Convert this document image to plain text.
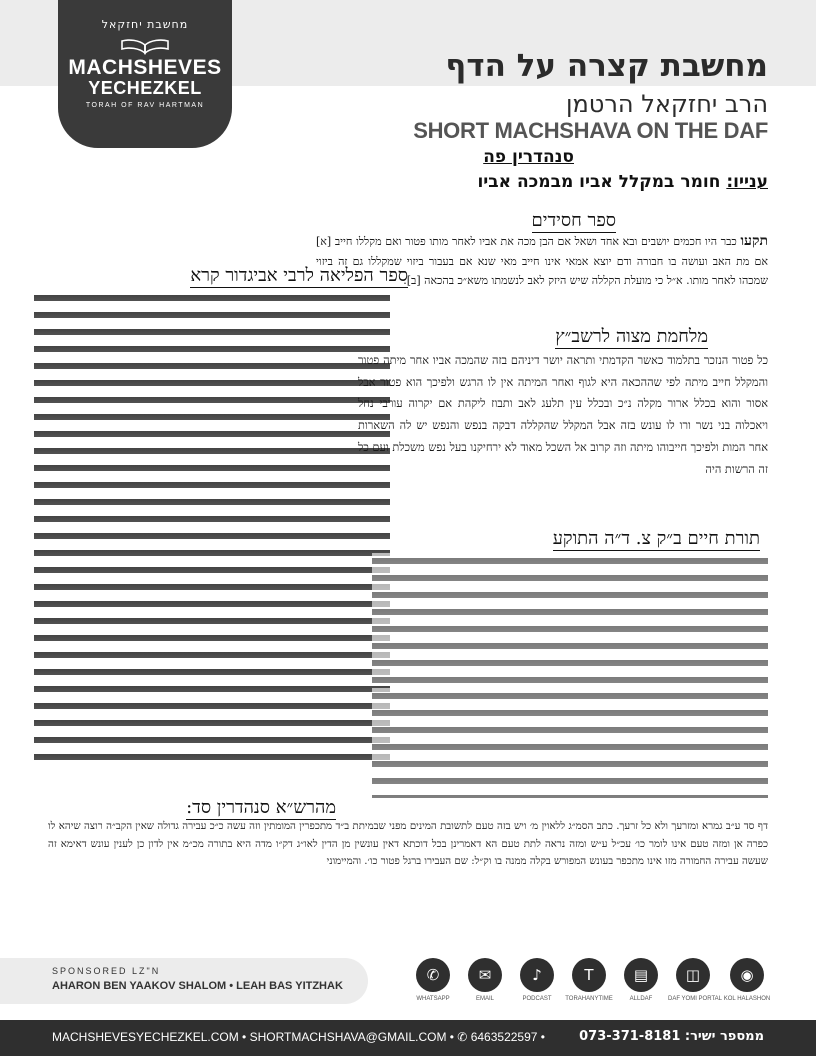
מחשבת יחזקאל
MACHSHEVES
YECHEZKEL
TORAH OF RAV HARTMAN
מחשבת קצרה על הדף
הרב יחזקאל הרטמן
SHORT MACHSHAVA ON THE DAF
סנהדרין פה
ענייו: חומר במקלל אביו מבמכה אביו
ספר חסידים
תקעו כבר היו חכמים יושבים ובא אחד ושאל אם הבן מכה את אביו לאחר מותו פטור ואם מקללו חייב [א] אם מת האב ועושה בו חבורה ודם יוצא אמאי אינו חייב מאי שנא אם בעבור ביזוי שמקללו גם זה ביזוי שמכהו לאחר מותו. א״ל כי מועלת הקללה שיש היזק לאב לנשמתו משא״כ בהכאה [ב].
ספר הפליאה לרבי אביגדור קרא
מלחמת מצוה לרשב״ץ
כל פטור הנזכר בתלמוד כאשר הקדמתי ותראה יושר דיניהם בזה שהמכה אביו אחר מיתה פטור והמקלל חייב מיתה לפי שההכאה היא לגוף ואחר המיתה אין לו הרגש ולפיכך הוא פטור אבל אסור והוא בכלל ארור מקלה נ״כ ובכלל עין תלעג לאב ותבוז ליקהת אם יקרוה עורבי נחל ויאכלוה בני נשר ורו לו עונש בזה אבל המקלל שהקללה דבקה בנפש והנפש יש לה השארות אחר המות ולפיכך חייבוהו מיתה וזה קרוב אל השכל מאוד לא ירחיקנו בעל נפש משכלת ועם כל זה הרשות היה
תורת חיים ב״ק צ. ד״ה התוקע
מהרש״א סנהדרין סד:
דף סד ע״ב גמרא ומזרעך ולא כל זרעך. כתב הסמ״ג ללאוין מ׳ ויש בזה טעם לתשובת המינים מפני שבמיתת ב״ד מתכפרין המומתין וזה עשה כ״כ עבירה גדולה שאין הקב״ה רוצה שיהא לו כפרה אן ומזה טעם אינו לומר כו׳ עכ״ל ע״ש ומזה נראה לתת טעם הא דאמרינן בכל דוכתא דאין עונשין מן הדין לאו״ג דק״ו מדה היא בתורה מכ״מ אין לדון כן לענין עונש דאימא זה שעשה עבירה החמורה מזו אינו מתכפר בעונש המפורש בקלה ממנה בו וק״ל: שם העבירו ברגל פטור כו׳. והמיימוני
SPONSORED LZ"N
AHARON BEN YAAKOV SHALOM • LEAH BAS YITZHAK
✆
WHATSAPP
✉
EMAIL
♪
PODCAST
T
TORAHANYTIME
▤
ALLDAF
◫
DAF YOMI PORTAL
◉
KOL HALASHON
MACHSHEVESYECHEZKEL.COM • SHORTMACHSHAVA@GMAIL.COM • ✆ 6463522597 •	ממספר ישיר: 073-371-8181
